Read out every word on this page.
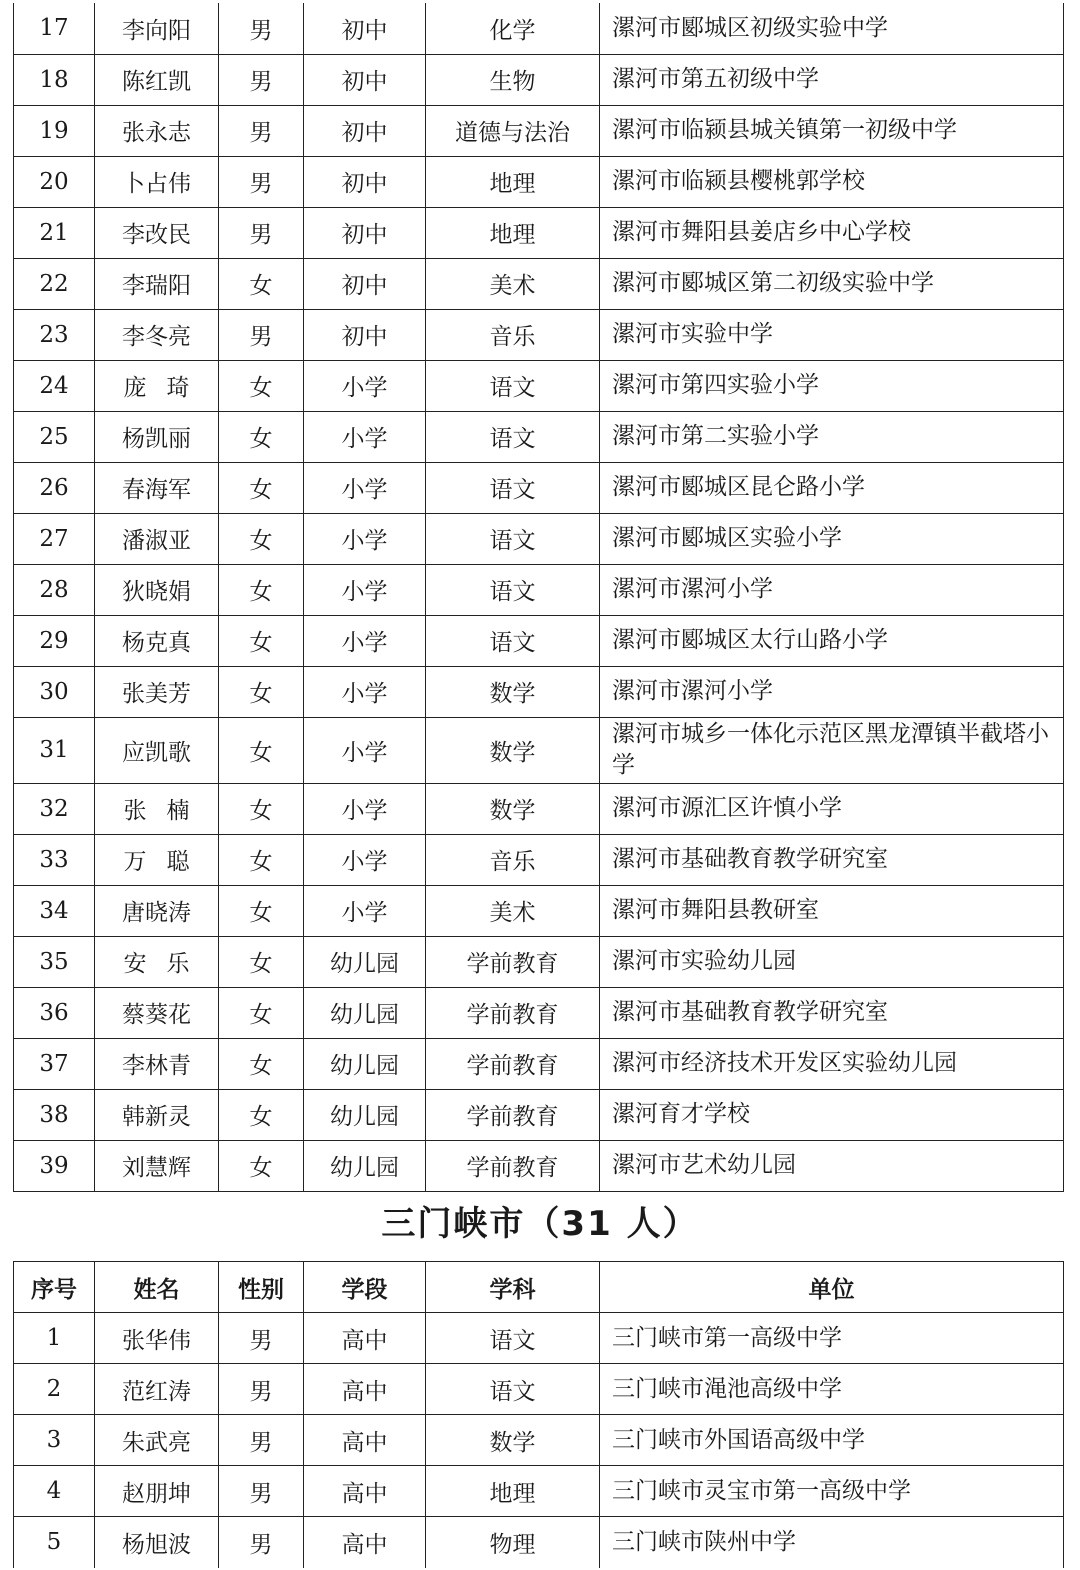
17	李向阳	男	初中	化学	漯河市郾城区初级实验中学
18	陈红凯	男	初中	生物	漯河市第五初级中学
19	张永志	男	初中	道德与法治	漯河市临颍县城关镇第一初级中学
20	卜占伟	男	初中	地理	漯河市临颍县樱桃郭学校
21	李改民	男	初中	地理	漯河市舞阳县姜店乡中心学校
22	李瑞阳	女	初中	美术	漯河市郾城区第二初级实验中学
23	李冬亮	男	初中	音乐	漯河市实验中学
24	庞琦	女	小学	语文	漯河市第四实验小学
25	杨凯丽	女	小学	语文	漯河市第二实验小学
26	春海军	女	小学	语文	漯河市郾城区昆仑路小学
27	潘淑亚	女	小学	语文	漯河市郾城区实验小学
28	狄晓娟	女	小学	语文	漯河市漯河小学
29	杨克真	女	小学	语文	漯河市郾城区太行山路小学
30	张美芳	女	小学	数学	漯河市漯河小学
31	应凯歌	女	小学	数学	漯河市城乡一体化示范区黑龙潭镇半截塔小学
32	张楠	女	小学	数学	漯河市源汇区许慎小学
33	万聪	女	小学	音乐	漯河市基础教育教学研究室
34	唐晓涛	女	小学	美术	漯河市舞阳县教研室
35	安乐	女	幼儿园	学前教育	漯河市实验幼儿园
36	蔡葵花	女	幼儿园	学前教育	漯河市基础教育教学研究室
37	李林青	女	幼儿园	学前教育	漯河市经济技术开发区实验幼儿园
38	韩新灵	女	幼儿园	学前教育	漯河育才学校
39	刘慧辉	女	幼儿园	学前教育	漯河市艺术幼儿园
三门峡市（31 人）
序号	姓名	性别	学段	学科	单位
1	张华伟	男	高中	语文	三门峡市第一高级中学
2	范红涛	男	高中	语文	三门峡市渑池高级中学
3	朱武亮	男	高中	数学	三门峡市外国语高级中学
4	赵朋坤	男	高中	地理	三门峡市灵宝市第一高级中学
5	杨旭波	男	高中	物理	三门峡市陕州中学
